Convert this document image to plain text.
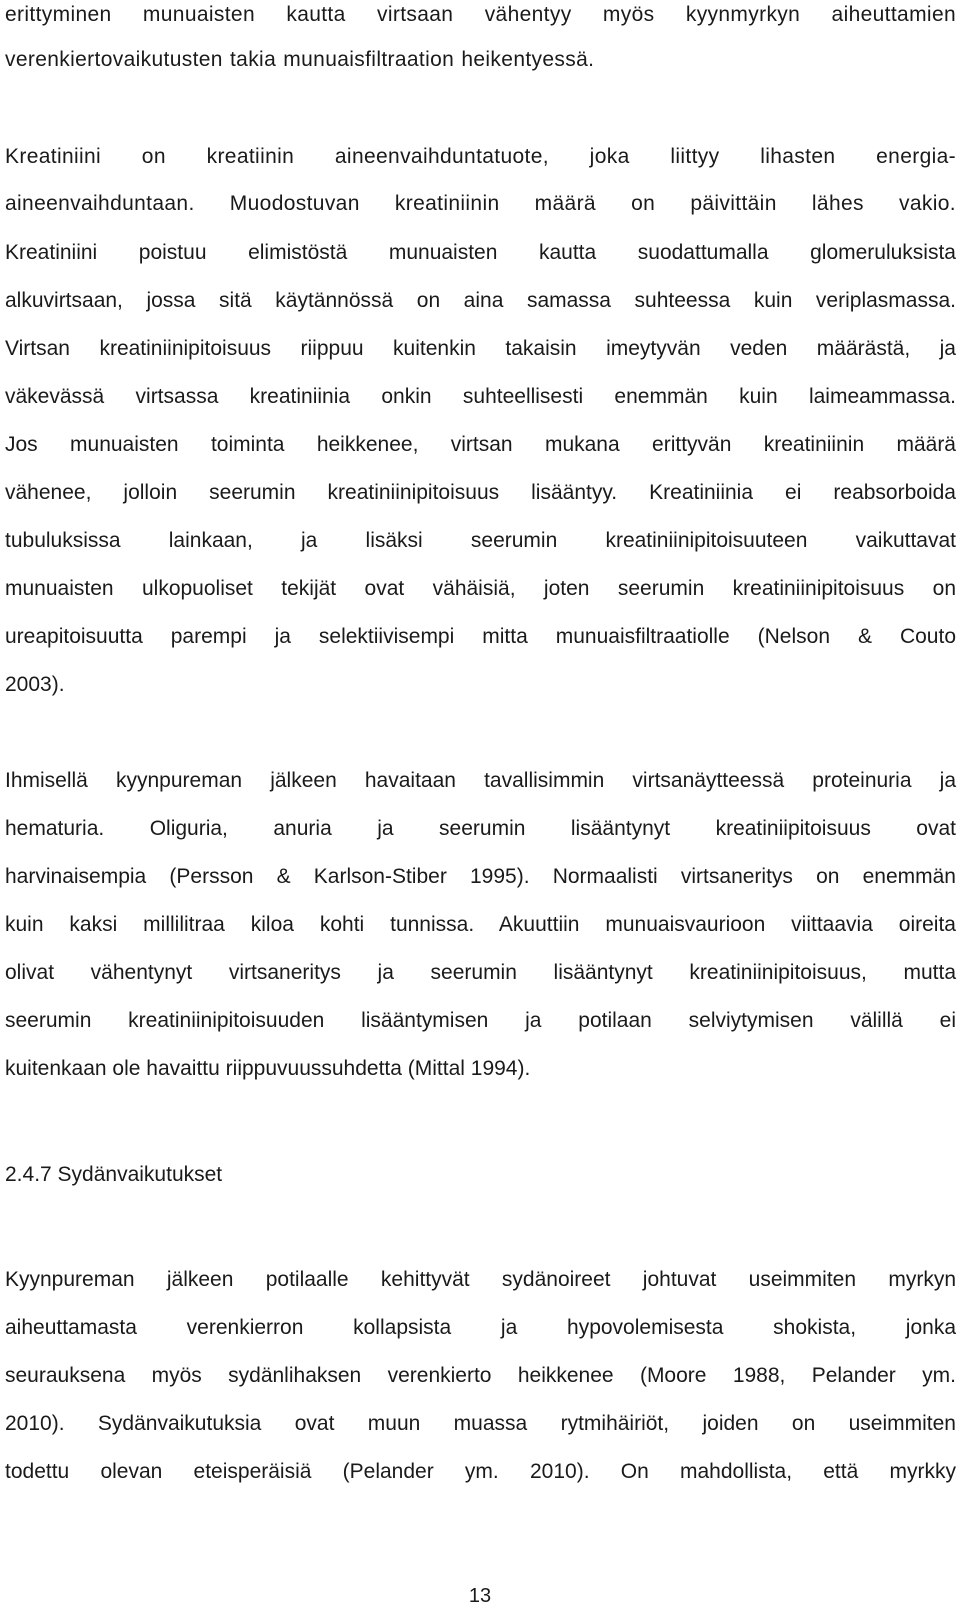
erittyminen munuaisten kautta virtsaan vähentyy myös kyynmyrkyn aiheuttamien
verenkiertovaikutusten takia munuaisfiltraation heikentyessä.
Kreatiniini on kreatiinin aineenvaihduntatuote, joka liittyy lihasten energia-
aineenvaihduntaan. Muodostuvan kreatiniinin määrä on päivittäin lähes vakio.
Kreatiniini poistuu elimistöstä munuaisten kautta suodattumalla glomeruluksista
alkuvirtsaan, jossa sitä käytännössä on aina samassa suhteessa kuin veriplasmassa.
Virtsan kreatiniinipitoisuus riippuu kuitenkin takaisin imeytyvän veden määrästä, ja
väkevässä virtsassa kreatiniinia onkin suhteellisesti enemmän kuin laimeammassa.
Jos munuaisten toiminta heikkenee, virtsan mukana erittyvän kreatiniinin määrä
vähenee, jolloin seerumin kreatiniinipitoisuus lisääntyy. Kreatiniinia ei reabsorboida
tubuluksissa lainkaan, ja lisäksi seerumin kreatiniinipitoisuuteen vaikuttavat
munuaisten ulkopuoliset tekijät ovat vähäisiä, joten seerumin kreatiniinipitoisuus on
ureapitoisuutta parempi ja selektiivisempi mitta munuaisfiltraatiolle (Nelson & Couto
2003).
Ihmisellä kyynpureman jälkeen havaitaan tavallisimmin virtsanäytteessä proteinuria ja
hematuria. Oliguria, anuria ja seerumin lisääntynyt kreatiniipitoisuus ovat
harvinaisempia (Persson & Karlson-Stiber 1995). Normaalisti virtsaneritys on enemmän
kuin kaksi millilitraa kiloa kohti tunnissa. Akuuttiin munuaisvaurioon viittaavia oireita
olivat vähentynyt virtsaneritys ja seerumin lisääntynyt kreatiniinipitoisuus, mutta
seerumin kreatiniinipitoisuuden lisääntymisen ja potilaan selviytymisen välillä ei
kuitenkaan ole havaittu riippuvuussuhdetta (Mittal 1994).
2.4.7 Sydänvaikutukset
Kyynpureman jälkeen potilaalle kehittyvät sydänoireet johtuvat useimmiten myrkyn
aiheuttamasta verenkierron kollapsista ja hypovolemisesta shokista, jonka
seurauksena myös sydänlihaksen verenkierto heikkenee (Moore 1988, Pelander ym.
2010). Sydänvaikutuksia ovat muun muassa rytmihäiriöt, joiden on useimmiten
todettu olevan eteisperäisiä (Pelander ym. 2010). On mahdollista, että myrkky
13
